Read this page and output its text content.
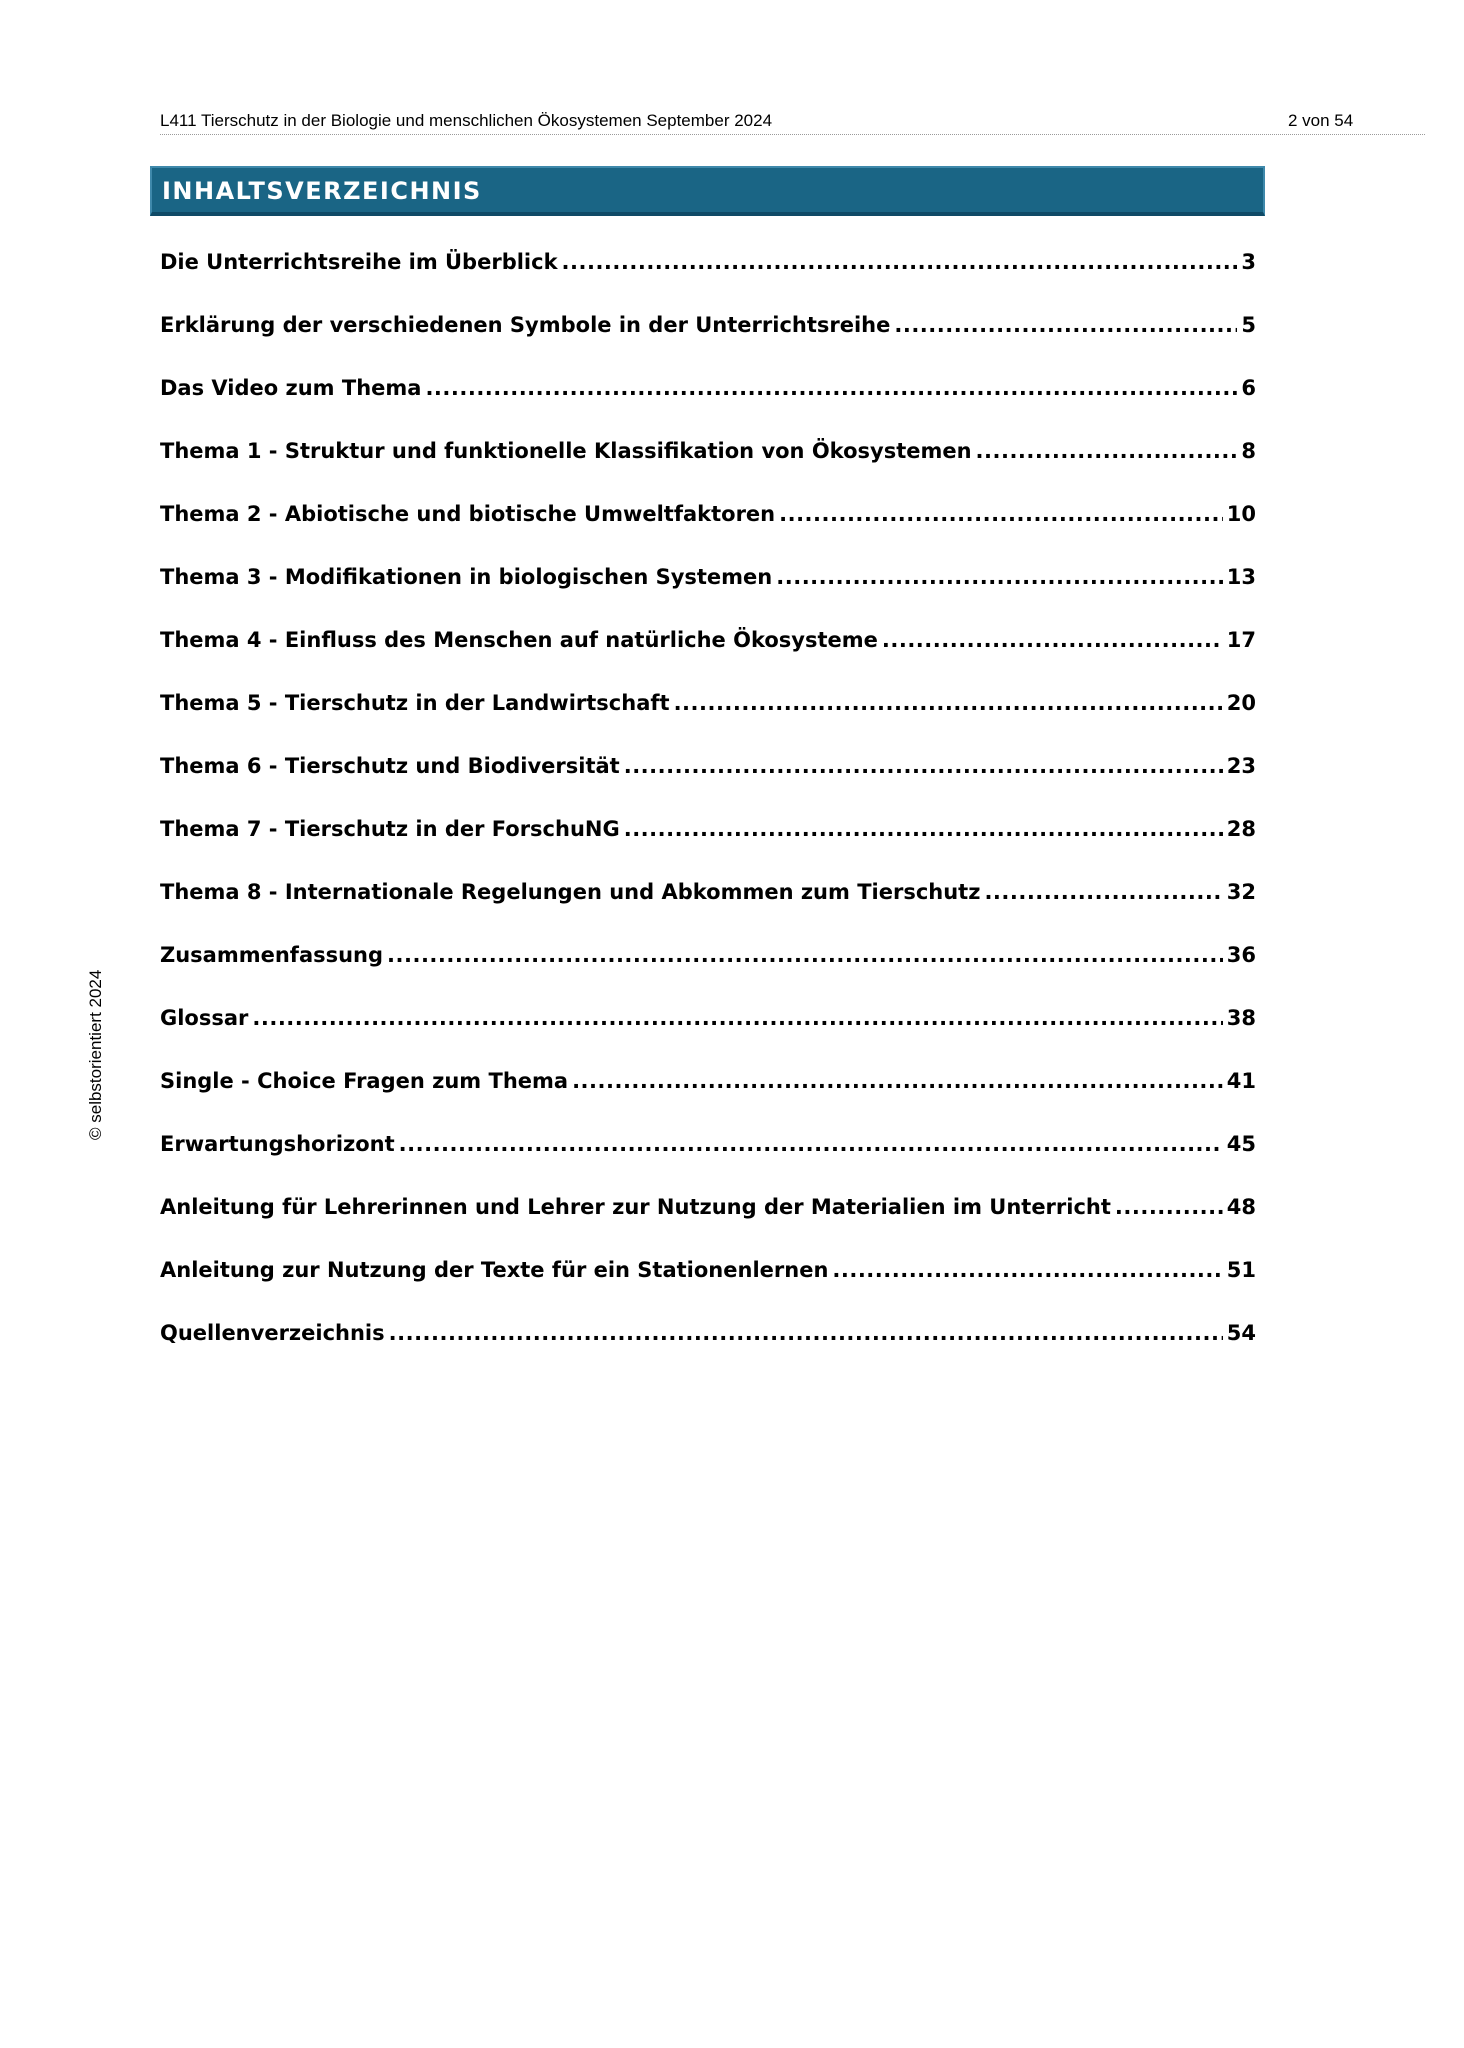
L411 Tierschutz in der Biologie und menschlichen Ökosystemen September 2024	2 von 54
INHALTSVERZEICHNIS
Die Unterrichtsreihe im Überblick .....	3
Erklärung der verschiedenen Symbole in der Unterrichtsreihe .....	5
Das Video zum Thema .....	6
Thema 1 - Struktur und funktionelle Klassifikation von Ökosystemen .....	8
Thema 2 - Abiotische und biotische Umweltfaktoren .....	10
Thema 3 - Modifikationen in biologischen Systemen .....	13
Thema 4 - Einfluss des Menschen auf natürliche Ökosysteme .....	17
Thema 5 - Tierschutz in der Landwirtschaft .....	20
Thema 6 - Tierschutz und Biodiversität .....	23
Thema 7 - Tierschutz in der ForschuNG .....	28
Thema 8 - Internationale Regelungen und Abkommen zum Tierschutz .....	32
Zusammenfassung .....	36
Glossar .....	38
Single - Choice Fragen zum Thema .....	41
Erwartungshorizont .....	45
Anleitung für Lehrerinnen und Lehrer zur Nutzung der Materialien im Unterricht .....	48
Anleitung zur Nutzung der Texte für ein Stationenlernen .....	51
Quellenverzeichnis .....	54
© selbstorientiert 2024
